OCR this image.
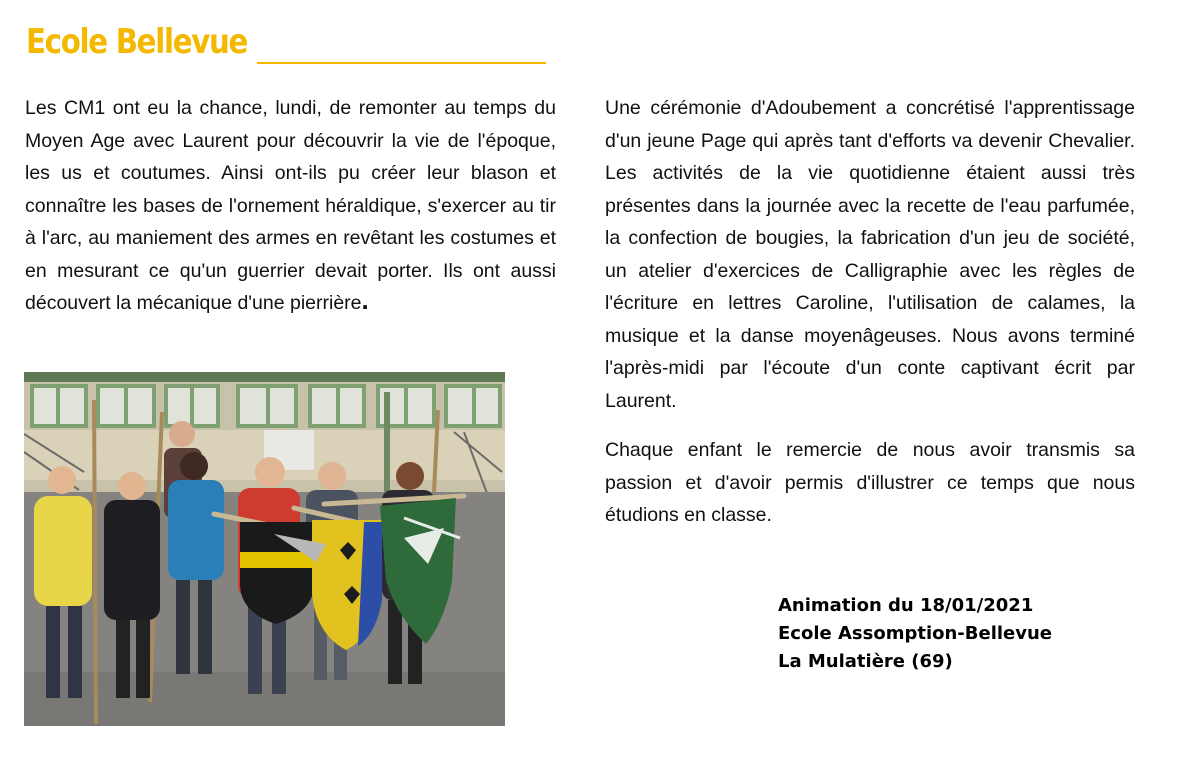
Ecole Bellevue

Les CM1 ont eu la chance, lundi, de remonter au temps du Moyen Age avec Laurent pour découvrir la vie de l'époque, les us et coutumes. Ainsi ont-ils pu créer leur blason et connaître les bases de l'ornement héraldique, s'exercer au tir à l'arc, au maniement des armes en revêtant les costumes et en mesurant ce qu'un guerrier devait porter. Ils ont aussi découvert la mécanique d'une pierrière.

Une cérémonie d'Adoubement a concrétisé l'apprentissage d'un jeune Page qui après tant d'efforts va devenir Chevalier. Les activités de la vie quotidienne étaient aussi très présentes dans la journée avec la recette de l'eau parfumée, la confection de bougies, la fabrication d'un jeu de société, un atelier d'exercices de Calligraphie avec les règles de l'écriture en lettres Caroline, l'utilisation de calames, la musique et la danse moyenâgeuses. Nous avons terminé l'après-midi par l'écoute d'un conte captivant écrit par Laurent.

Chaque enfant le remercie de nous avoir transmis sa passion et d'avoir permis d'illustrer ce temps que nous étudions en classe.

Animation du 18/01/2021
Ecole Assomption-Bellevue
La Mulatière (69)
